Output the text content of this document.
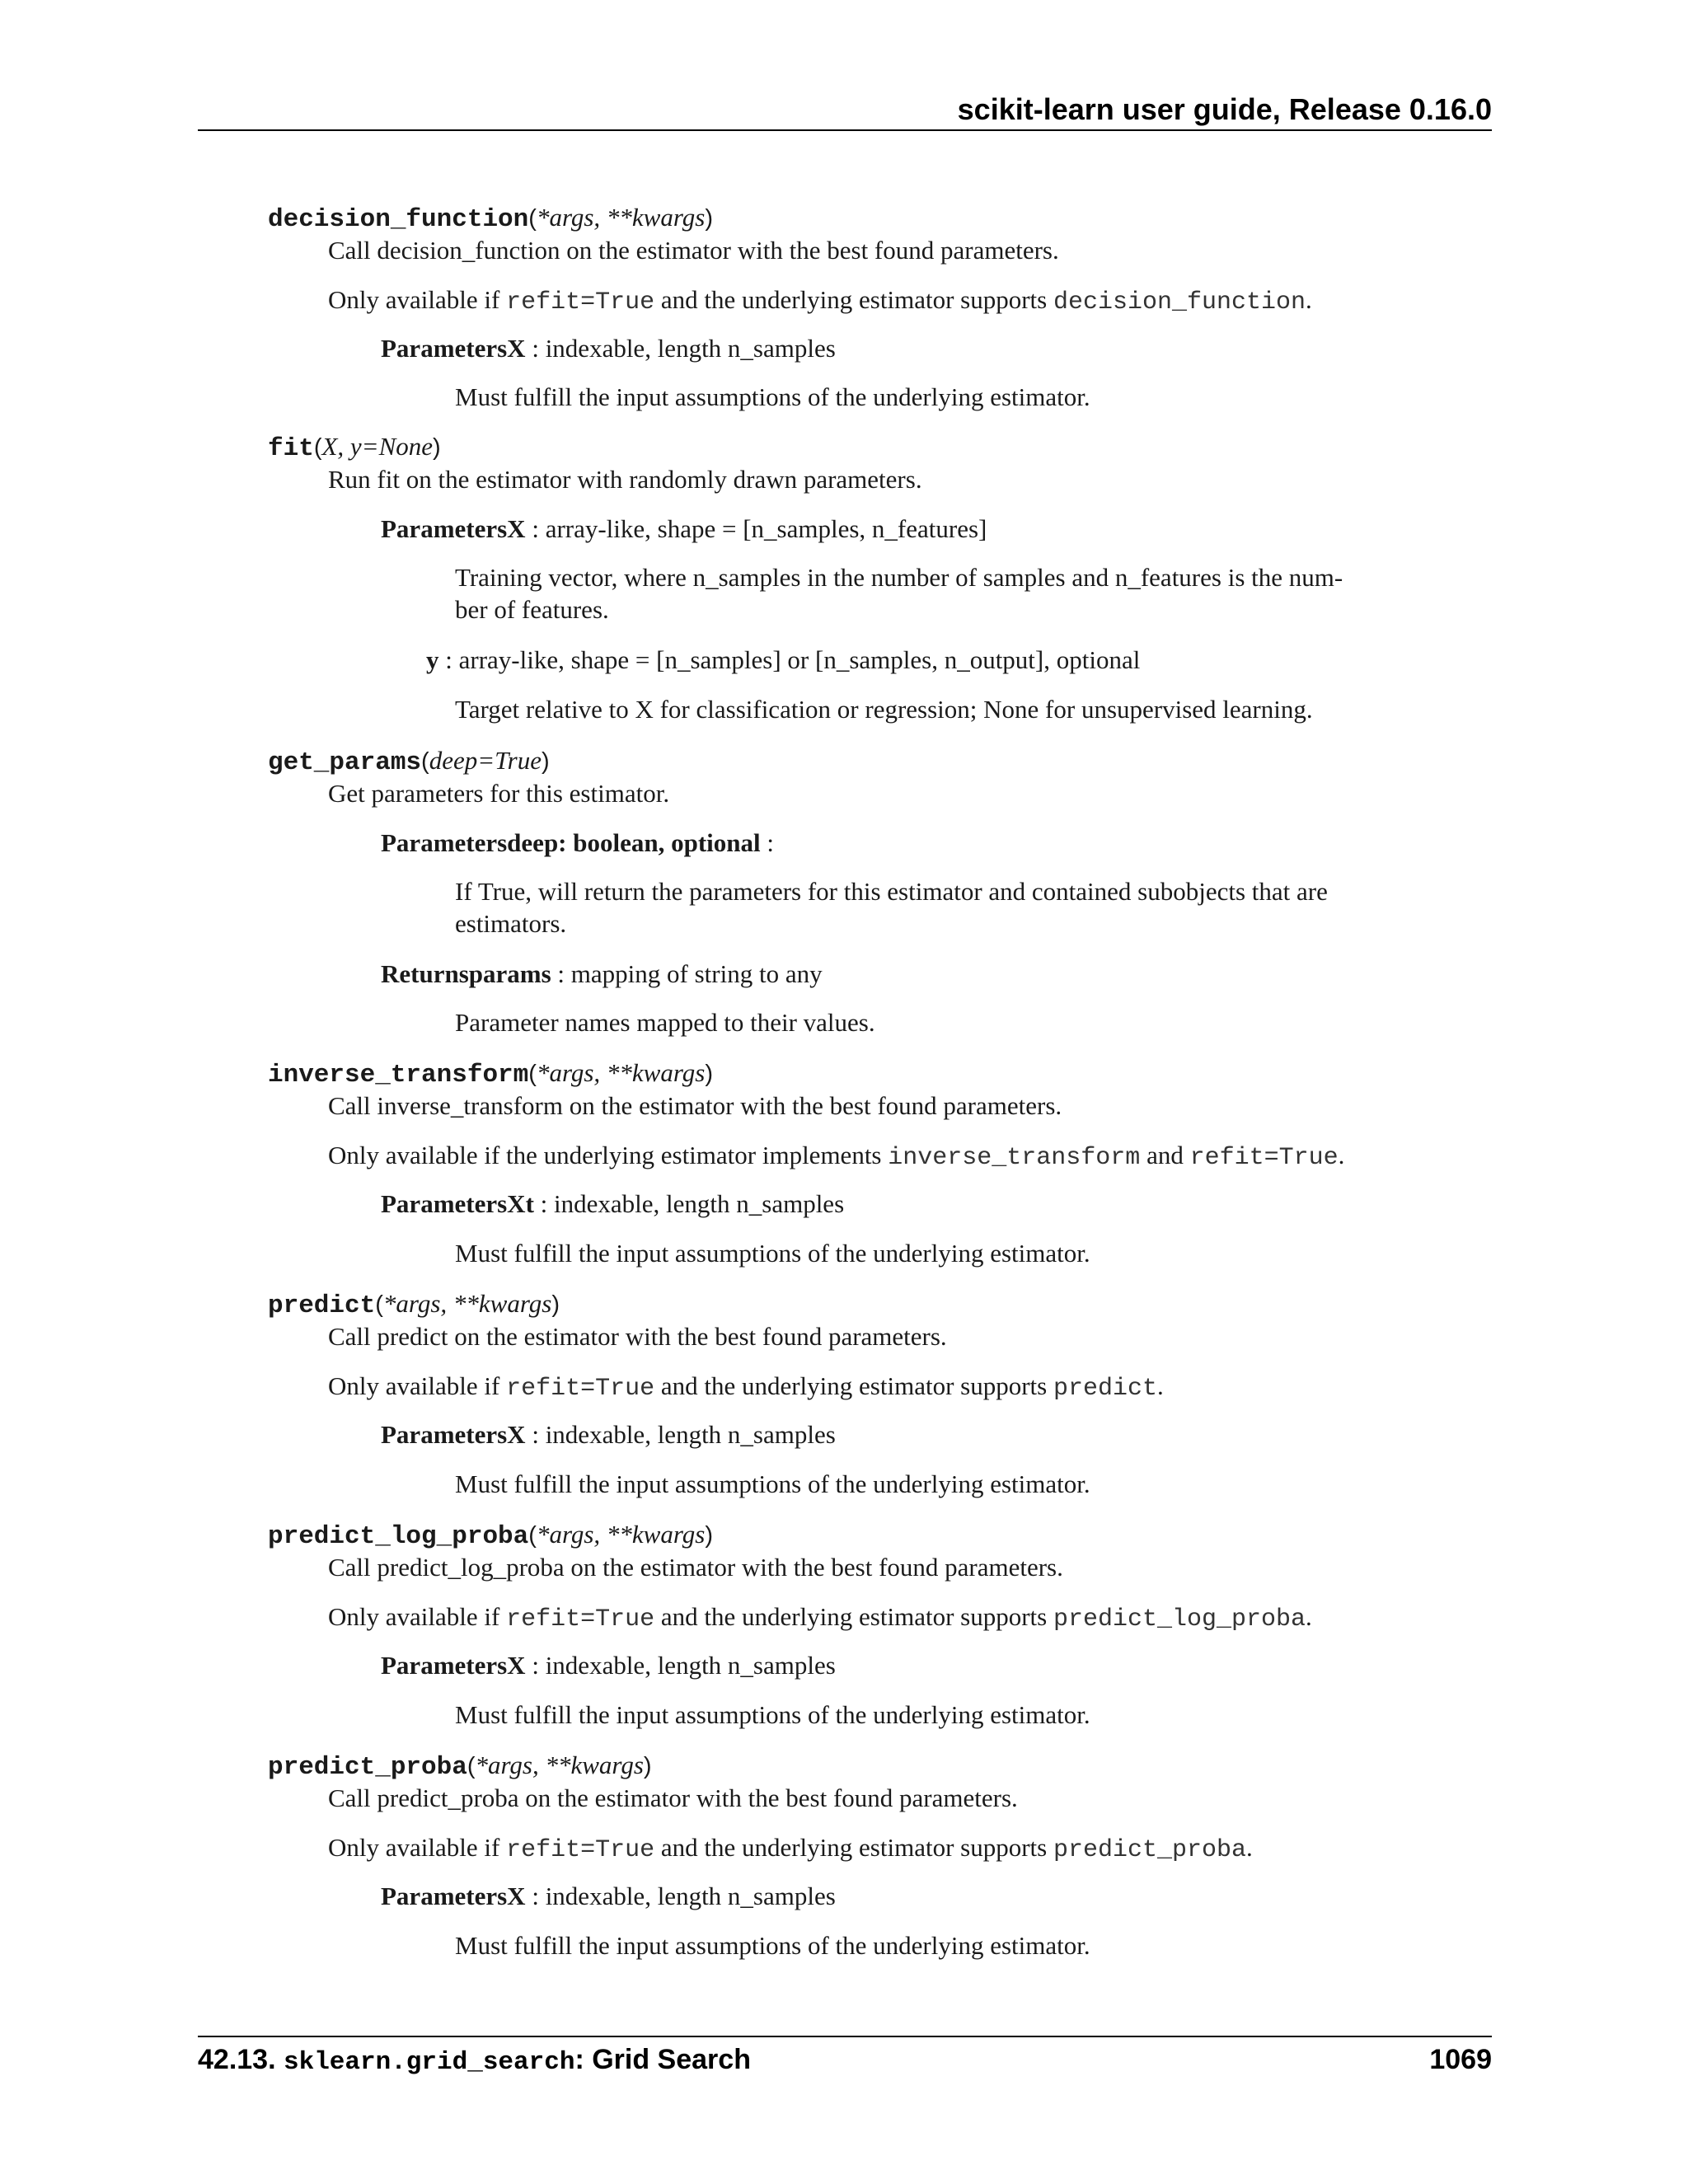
scikit-learn user guide, Release 0.16.0
decision_function(*args, **kwargs)
Call decision_function on the estimator with the best found parameters.
Only available if refit=True and the underlying estimator supports decision_function.
ParametersX : indexable, length n_samples
Must fulfill the input assumptions of the underlying estimator.
fit(X, y=None)
Run fit on the estimator with randomly drawn parameters.
ParametersX : array-like, shape = [n_samples, n_features]
Training vector, where n_samples in the number of samples and n_features is the num-
ber of features.
y : array-like, shape = [n_samples] or [n_samples, n_output], optional
Target relative to X for classification or regression; None for unsupervised learning.
get_params(deep=True)
Get parameters for this estimator.
Parametersdeep: boolean, optional :
If True, will return the parameters for this estimator and contained subobjects that are
estimators.
Returnsparams : mapping of string to any
Parameter names mapped to their values.
inverse_transform(*args, **kwargs)
Call inverse_transform on the estimator with the best found parameters.
Only available if the underlying estimator implements inverse_transform and refit=True.
ParametersXt : indexable, length n_samples
Must fulfill the input assumptions of the underlying estimator.
predict(*args, **kwargs)
Call predict on the estimator with the best found parameters.
Only available if refit=True and the underlying estimator supports predict.
ParametersX : indexable, length n_samples
Must fulfill the input assumptions of the underlying estimator.
predict_log_proba(*args, **kwargs)
Call predict_log_proba on the estimator with the best found parameters.
Only available if refit=True and the underlying estimator supports predict_log_proba.
ParametersX : indexable, length n_samples
Must fulfill the input assumptions of the underlying estimator.
predict_proba(*args, **kwargs)
Call predict_proba on the estimator with the best found parameters.
Only available if refit=True and the underlying estimator supports predict_proba.
ParametersX : indexable, length n_samples
Must fulfill the input assumptions of the underlying estimator.
42.13. sklearn.grid_search: Grid Search	1069
